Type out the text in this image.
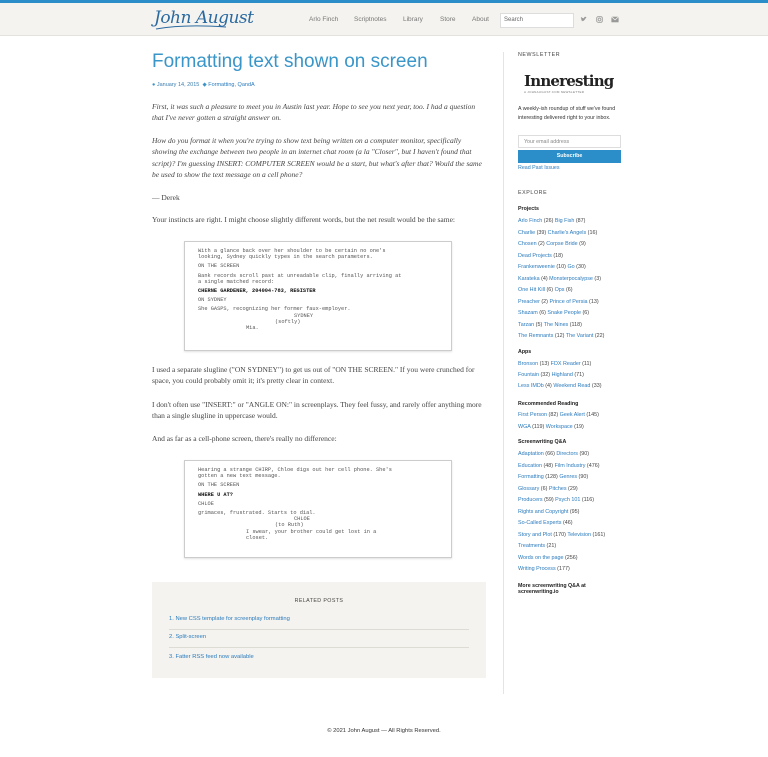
John August	Arlo Finch Scriptnotes	Library	Store	About	Search
Formatting text shown on screen
● January 14, 2015 ◆ Formatting, QandA

First, it was such a pleasure to meet you in Austin last year. Hope to see you next year, too. I had a question that I've never gotten a straight answer on.

How do you format it when you're trying to show text being written on a computer monitor, specifically showing the exchange between two people in an internet chat room (a la "Closer", but I haven't found that script)? I'm guessing INSERT: COMPUTER SCREEN would be a start, but what's after that? Would the same be used to show the text message on a cell phone?

— Derek

Your instincts are right. I might choose slightly different words, but the net result would be the same:

With a glance back over her shoulder to be certain no one's
looking, Sydney quickly types in the search parameters.
ON THE SCREEN
Bank records scroll past at unreadable clip, finally arriving at
a single matched record:
CHERNE GARDENER, 204004-783, REGISTER
ON SYDNEY
She GASPS, recognizing her former faux-employer.
SYDNEY
(softly)
Mia.

I used a separate slugline ("ON SYDNEY") to get us out of "ON THE SCREEN." If you were crunched for space, you could probably omit it; it's pretty clear in context.

I don't often use "INSERT:" or "ANGLE ON:" in screenplays. They feel fussy, and rarely offer anything more than a single slugline in uppercase would.

And as far as a cell-phone screen, there's really no difference:

Hearing a strange CHIRP, Chloe digs out her cell phone. She's
gotten a new text message.
ON THE SCREEN
WHERE U AT?
CHLOE
grimaces, frustrated. Starts to dial.
CHLOE
(to Ruth)
I swear, your brother could get lost in a
closet.
RELATED POSTS
1. New CSS template for screenplay formatting
2. Split-screen
3. Fatter RSS feed now available
NEWSLETTER
Inneresting
A JOHNAUGUST.COM NEWSLETTER
A weekly-ish roundup of stuff we've found interesting delivered right to your inbox.
Your email address
Subscribe
Read Past Issues
EXPLORE
Projects
Arlo Finch (26) Big Fish (87)
Charlie (39) Charlie's Angels (16)
Chosen (2) Corpse Bride (9)
Dead Projects (18)
Frankenweenie (10) Go (30)
Karateka (4) Monsterpocalypse (3)
One Hit Kill (6) Ops (6)
Preacher (2) Prince of Persia (13)
Shazam (6) Snake People (6)
Tarzan (5) The Nines (118)
The Remnants (12) The Variant (22)
Apps
Bronson (13) FDX Reader (11)
Fountain (32) Highland (71)
Less IMDb (4) Weekend Read (33)
Recommended Reading
First Person (82) Geek Alert (145)
WGA (119) Workspace (19)
Screenwriting Q&A
Adaptation (66) Directors (90)
Education (48) Film Industry (476)
Formatting (128) Genres (90)
Glossary (6) Pitches (29)
Producers (59) Psych 101 (116)
Rights and Copyright (95)
So-Called Experts (46)
Story and Plot (170) Television (161)
Treatments (21)
Words on the page (256)
Writing Process (177)
More screenwriting Q&A at
screenwriting.io
© 2021 John August — All Rights Reserved.
